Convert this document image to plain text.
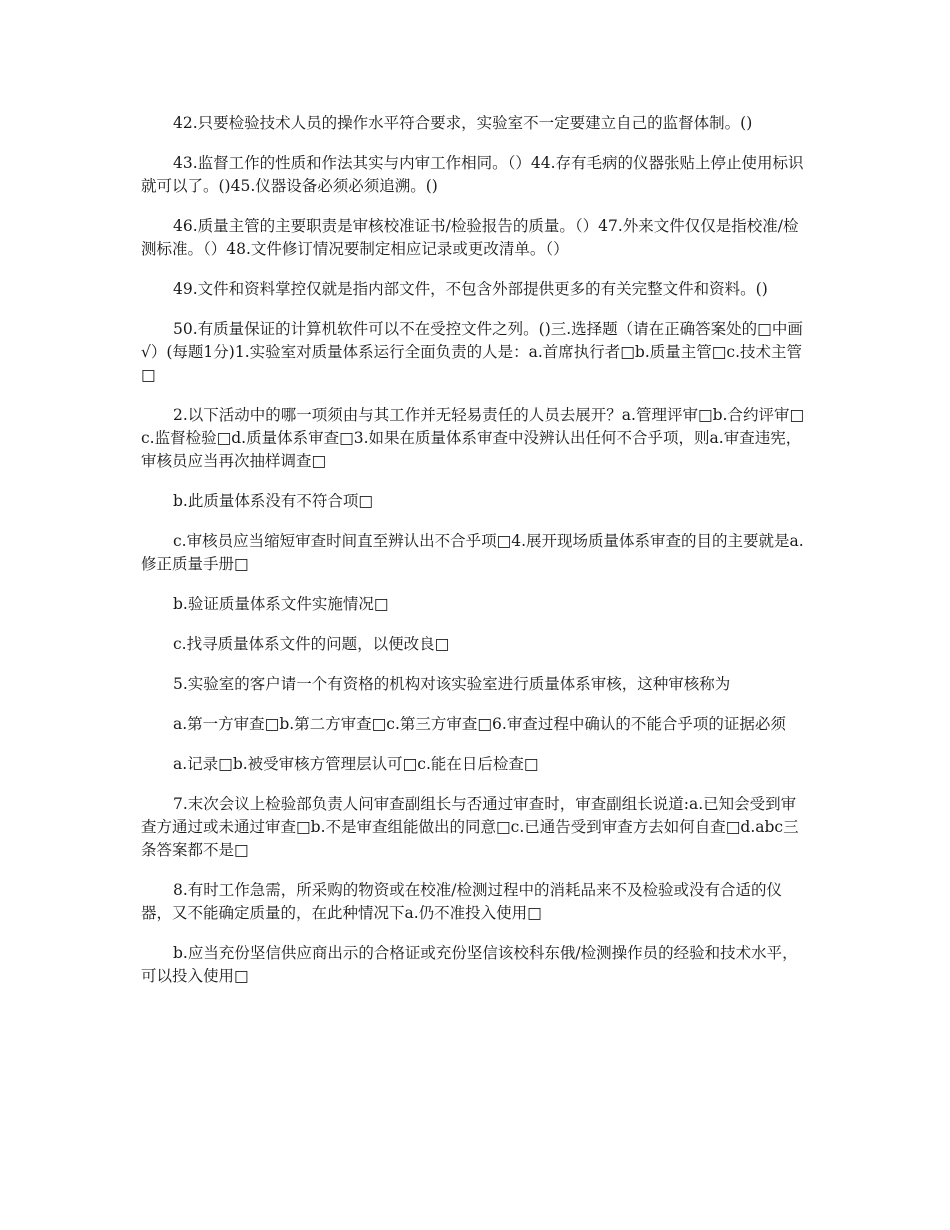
42.只要检验技术人员的操作水平符合要求，实验室不一定要建立自己的监督体制。()

43.监督工作的性质和作法其实与内审工作相同。（）44.存有毛病的仪器张贴上停止使用标识就可以了。()45.仪器设备必须必须追溯。()

46.质量主管的主要职责是审核校准证书/检验报告的质量。（）47.外来文件仅仅是指校准/检测标准。（）48.文件修订情况要制定相应记录或更改清单。（）

49.文件和资料掌控仅就是指内部文件，不包含外部提供更多的有关完整文件和资料。()

50.有质量保证的计算机软件可以不在受控文件之列。()三.选择题（请在正确答案处的□中画√）(每题1分)1.实验室对质量体系运行全面负责的人是：a.首席执行者□b.质量主管□c.技术主管□

2.以下活动中的哪一项须由与其工作并无轻易责任的人员去展开？a.管理评审□b.合约评审□c.监督检验□d.质量体系审查□3.如果在质量体系审查中没辨认出任何不合乎项，则a.审查违宪，审核员应当再次抽样调查□

b.此质量体系没有不符合项□

c.审核员应当缩短审查时间直至辨认出不合乎项□4.展开现场质量体系审查的目的主要就是a.修正质量手册□

b.验证质量体系文件实施情况□

c.找寻质量体系文件的问题，以便改良□

5.实验室的客户请一个有资格的机构对该实验室进行质量体系审核，这种审核称为

a.第一方审查□b.第二方审查□c.第三方审查□6.审查过程中确认的不能合乎项的证据必须

a.记录□b.被受审核方管理层认可□c.能在日后检查□

7.末次会议上检验部负责人问审查副组长与否通过审查时，审查副组长说道:a.已知会受到审查方通过或未通过审查□b.不是审查组能做出的同意□c.已通告受到审查方去如何自查□d.abc三条答案都不是□

8.有时工作急需，所采购的物资或在校准/检测过程中的消耗品来不及检验或没有合适的仪器，又不能确定质量的，在此种情况下a.仍不准投入使用□

b.应当充份坚信供应商出示的合格证或充份坚信该校科东俄/检测操作员的经验和技术水平，可以投入使用□
